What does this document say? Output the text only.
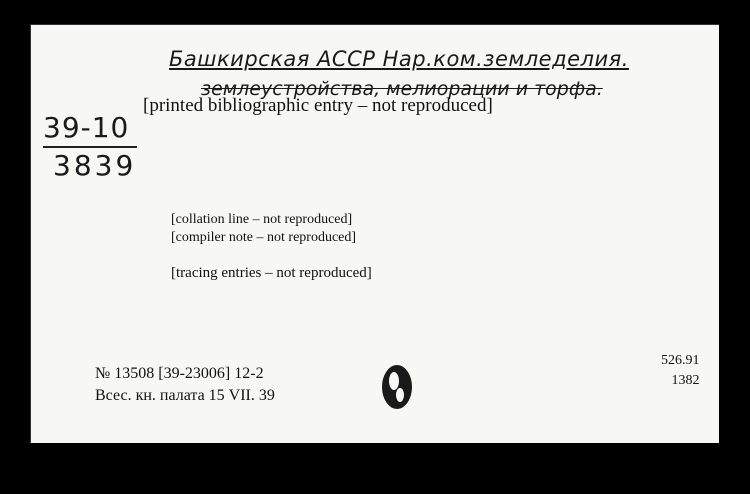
Башкирская АССР Нар.ком.земледелия.
землеустройства, мелиорации и торфа.
39-10
3839
[printed bibliographic entry – not reproduced]
[collation line – not reproduced]
[compiler note – not reproduced]
[tracing entries – not reproduced]
№ 13508 [39-23006] 12-2
Всес. кн. палата 15 VII. 39
526.91
1382
